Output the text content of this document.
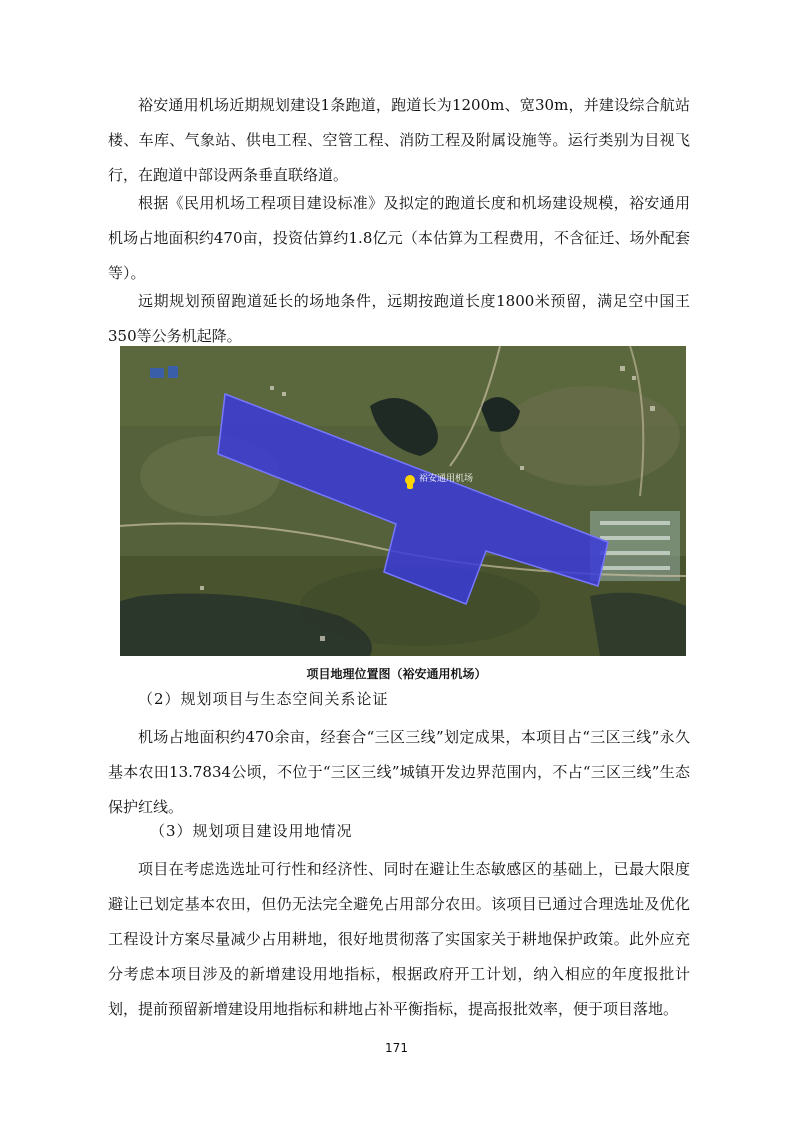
裕安通用机场近期规划建设1条跑道，跑道长为1200m、宽30m，并建设综合航站楼、车库、气象站、供电工程、空管工程、消防工程及附属设施等。运行类别为目视飞行，在跑道中部设两条垂直联络道。

根据《民用机场工程项目建设标准》及拟定的跑道长度和机场建设规模，裕安通用机场占地面积约470亩，投资估算约1.8亿元（本估算为工程费用，不含征迁、场外配套等）。

远期规划预留跑道延长的场地条件，远期按跑道长度1800米预留，满足空中国王350等公务机起降。

裕安通用机场
项目地理位置图（裕安通用机场）

（2）规划项目与生态空间关系论证

机场占地面积约470余亩，经套合“三区三线”划定成果，本项目占“三区三线”永久基本农田13.7834公顷，不位于“三区三线”城镇开发边界范围内，不占“三区三线”生态保护红线。

（3）规划项目建设用地情况

项目在考虑选选址可行性和经济性、同时在避让生态敏感区的基础上，已最大限度避让已划定基本农田，但仍无法完全避免占用部分农田。该项目已通过合理选址及优化工程设计方案尽量减少占用耕地，很好地贯彻落了实国家关于耕地保护政策。此外应充分考虑本项目涉及的新增建设用地指标，根据政府开工计划，纳入相应的年度报批计划，提前预留新增建设用地指标和耕地占补平衡指标，提高报批效率，便于项目落地。

171
